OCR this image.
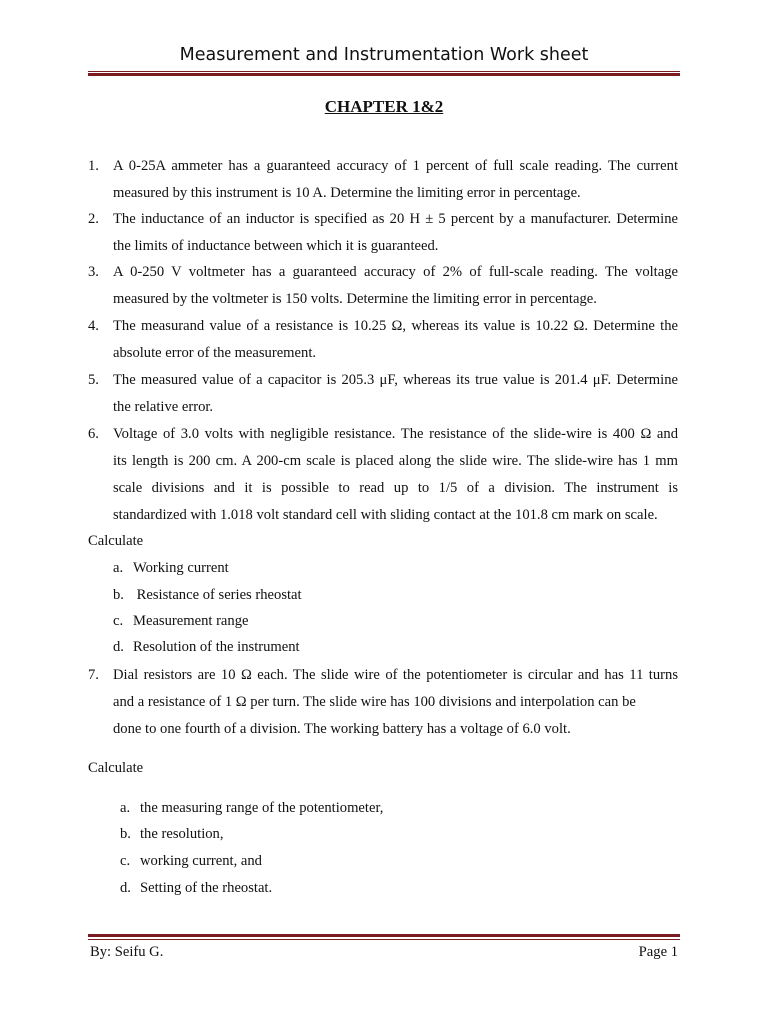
Measurement and Instrumentation Work sheet
CHAPTER 1&2
1. A 0-25A ammeter has a guaranteed accuracy of 1 percent of full scale reading. The current
measured by this instrument is 10 A. Determine the limiting error in percentage.
2. The inductance of an inductor is specified as 20 H ± 5 percent by a manufacturer. Determine
the limits of inductance between which it is guaranteed.
3. A 0-250 V voltmeter has a guaranteed accuracy of 2% of full-scale reading. The voltage
measured by the voltmeter is 150 volts. Determine the limiting error in percentage.
4. The measurand value of a resistance is 10.25 Ω, whereas its value is 10.22 Ω. Determine the
absolute error of the measurement.
5. The measured value of a capacitor is 205.3 μF, whereas its true value is 201.4 μF. Determine
the relative error.
6. Voltage of 3.0 volts with negligible resistance. The resistance of the slide-wire is 400 Ω and
its length is 200 cm. A 200-cm scale is placed along the slide wire. The slide-wire has 1 mm
scale divisions and it is possible to read up to 1/5 of a division. The instrument is
standardized with 1.018 volt standard cell with sliding contact at the 101.8 cm mark on scale.
Calculate
a. Working current
b. Resistance of series rheostat
c. Measurement range
d. Resolution of the instrument
7. Dial resistors are 10 Ω each. The slide wire of the potentiometer is circular and has 11 turns
and a resistance of 1 Ω per turn. The slide wire has 100 divisions and interpolation can be
done to one fourth of a division. The working battery has a voltage of 6.0 volt.
Calculate
a. the measuring range of the potentiometer,
b. the resolution,
c. working current, and
d. Setting of the rheostat.
By: Seifu G.	Page 1
